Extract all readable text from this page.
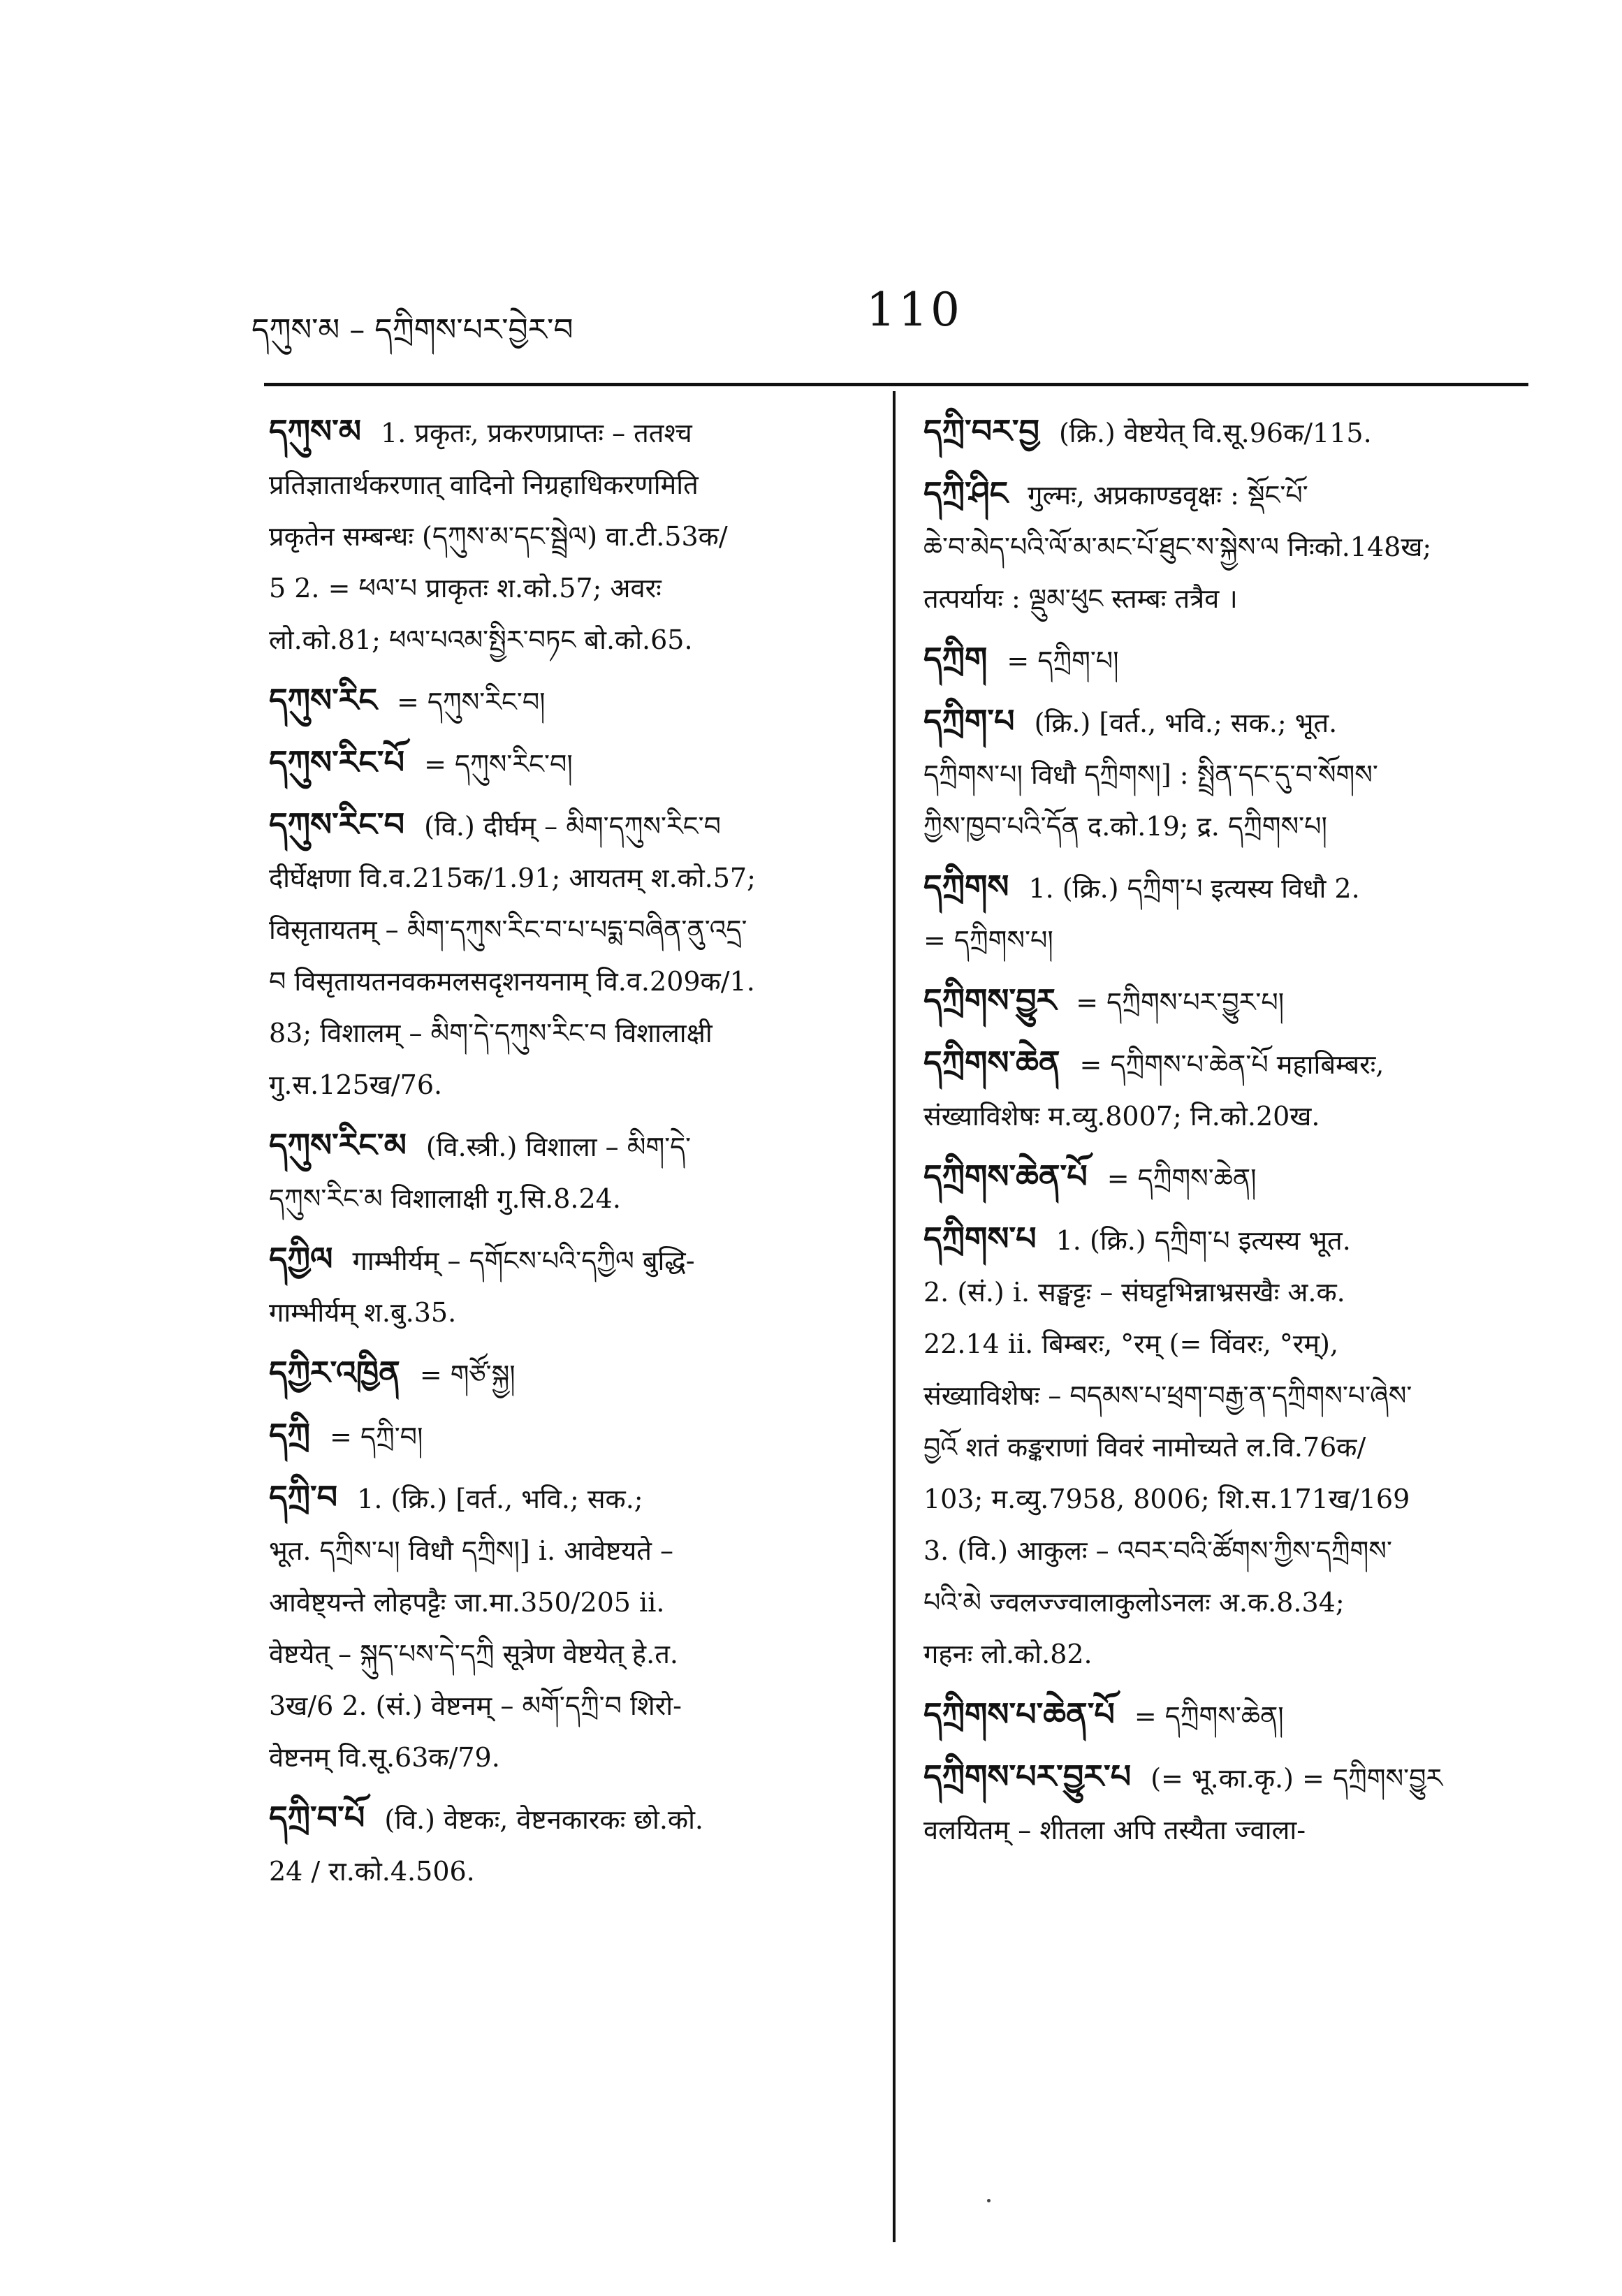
དཀུས་མ – དཀྲིགས་པར་བྱེར་བ	110
དཀུས་མ 1. प्रकृतः, प्रकरणप्राप्तः – ततश्च
प्रतिज्ञातार्थकरणात् वादिनो निग्रहाधिकरणमिति
प्रकृतेन सम्बन्धः (དཀུས་མ་དང་སྦྲེལ) वा.टी.53क/
5 2. = ཕལ་པ प्राकृतः श.को.57; अवरः
लो.को.81; ཕལ་པའམ་སྤྱིར་བཏང बो.को.65.
དཀུས་རིང = དཀུས་རིང་བ།
དཀུས་རིང་པོ = དཀུས་རིང་བ།
དཀུས་རིང་བ (वि.) दीर्घम् – མིག་དཀུས་རིང་བ
दीर्घेक्षणा वि.व.215क/1.91; आयतम् श.को.57;
विसृतायतम् – མིག་དཀུས་རིང་བ་པ་པདྨ་བཞིན་ནུ་འདྲ་
བ विसृतायतनवकमलसदृशनयनाम् वि.व.209क/1.
83; विशालम् – མིག་དེ་དཀུས་རིང་བ विशालाक्षी
गु.स.125ख/76.
དཀུས་རིང་མ (वि.स्त्री.) विशाला – མིག་དེ་
དཀུས་རིང་མ विशालाक्षी गु.सि.8.24.
དཀྱིལ गाम्भीर्यम् – དགོངས་པའི་དཀྱིལ बुद्धि-
गाम्भीर्यम् श.बु.35.
དཀྱིར་འཁྱིན = གཙོ་སྐྱ།
དཀྲི = དཀྲི་བ།
དཀྲི་བ 1. (क्रि.) [वर्त., भवि.; सक.;
भूत. དཀྲིས་པ། विधौ དཀྲིས།] i. आवेष्टयते –
आवेष्ट्यन्ते लोहपट्टैः जा.मा.350/205 ii.
वेष्टयेत् – སྐུད་པས་དེ་དཀྲི सूत्रेण वेष्टयेत् हे.त.
3ख/6 2. (सं.) वेष्टनम् – མགོ་དཀྲི་བ शिरो-
वेष्टनम् वि.सू.63क/79.
དཀྲི་བ་པོ (वि.) वेष्टकः, वेष्टनकारकः छो.को.
24 / रा.को.4.506.
དཀྲི་བར་བྱ (क्रि.) वेष्टयेत् वि.सू.96क/115.
དཀྲི་ཤིང गुल्मः, अप्रकाण्डवृक्षः : སྡོང་པོ་
ཆེ་བ་མེད་པའི་ལོ་མ་མང་པོ་ཐུང་ས་སྐྱེས་ལ निःको.148ख;
तत्पर्यायः : ལྡུམ་ཕུང स्तम्बः तत्रैव ।
དཀྲིག = དཀྲིག་པ།
དཀྲིག་པ (क्रि.) [वर्त., भवि.; सक.; भूत.
དཀྲིགས་པ། विधौ དཀྲིགས།] : སྤྲིན་དང་དུ་བ་སོགས་
ཀྱིས་ཁྱབ་པའི་དོན द.को.19; द्र. དཀྲིགས་པ།
དཀྲིགས 1. (क्रि.) དཀྲིག་པ इत्यस्य विधौ 2.
= དཀྲིགས་པ།
དཀྲིགས་བྱུར = དཀྲིགས་པར་བྱུར་པ།
དཀྲིགས་ཆེན = དཀྲིགས་པ་ཆེན་པོ महाबिम्बरः,
संख्याविशेषः म.व्यु.8007; नि.को.20ख.
དཀྲིགས་ཆེན་པོ = དཀྲིགས་ཆེན།
དཀྲིགས་པ 1. (क्रि.) དཀྲིག་པ इत्यस्य भूत.
2. (सं.) i. सङ्घट्टः – संघट्टभिन्नाभ्रसखैः अ.क.
22.14 ii. बिम्बरः, °रम् (= विंवरः, °रम्),
संख्याविशेषः – བདམས་པ་ཕྲག་བརྒྱ་ན་དཀྲིགས་པ་ཞེས་
བྱའོ शतं कङ्कराणां विवरं नामोच्यते ल.वि.76क/
103; म.व्यु.7958, 8006; शि.स.171ख/169
3. (वि.) आकुलः – འབར་བའི་ཚོགས་ཀྱིས་དཀྲིགས་
པའི་མེ ज्वलज्ज्वालाकुलोऽनलः अ.क.8.34;
गहनः लो.को.82.
དཀྲིགས་པ་ཆེན་པོ = དཀྲིགས་ཆེན།
དཀྲིགས་པར་བྱུར་པ (= भू.का.कृ.) = དཀྲིགས་བྱུར
वलयितम् – शीतला अपि तस्यैता ज्वाला-
